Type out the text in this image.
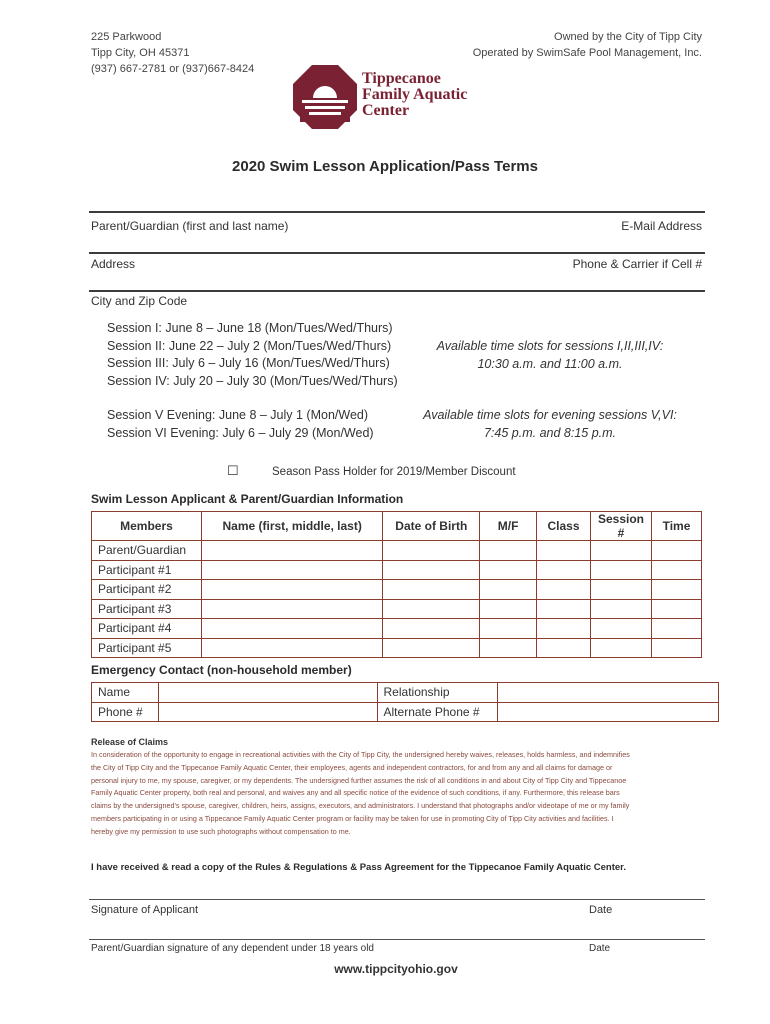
225 Parkwood
Tipp City, OH 45371
(937) 667-2781 or (937)667-8424
Owned by the City of Tipp City
Operated by SwimSafe Pool Management, Inc.
Tippecanoe
Family Aquatic
Center
2020 Swim Lesson Application/Pass Terms
Parent/Guardian (first and last name)	E-Mail Address
Address	Phone & Carrier if Cell #
City and Zip Code
Session I: June 8 – June 18 (Mon/Tues/Wed/Thurs)
Session II: June 22 – July 2 (Mon/Tues/Wed/Thurs)
Session III: July 6 – July 16 (Mon/Tues/Wed/Thurs)
Session IV: July 20 – July 30 (Mon/Tues/Wed/Thurs)
Available time slots for sessions I,II,III,IV:
10:30 a.m. and 11:00 a.m.
Session V Evening: June 8 – July 1 (Mon/Wed)
Session VI Evening: July 6 – July 29 (Mon/Wed)
Available time slots for evening sessions V,VI:
7:45 p.m. and 8:15 p.m.
☐	Season Pass Holder for 2019/Member Discount
Swim Lesson Applicant & Parent/Guardian Information
Members	Name (first, middle, last)	Date of Birth	M/F	Class	Session #	Time
Parent/Guardian						
Participant #1						
Participant #2						
Participant #3						
Participant #4						
Participant #5						
Emergency Contact (non-household member)
Name		Relationship	
Phone #		Alternate Phone #	
Release of Claims
In consideration of the opportunity to engage in recreational activities with the City of Tipp City, the undersigned hereby waives, releases, holds harmless, and indemnifies
the City of Tipp City and the Tippecanoe Family Aquatic Center, their employees, agents and independent contractors, for and from any and all claims for damage or
personal injury to me, my spouse, caregiver, or my dependents. The undersigned further assumes the risk of all conditions in and about City of Tipp City and Tippecanoe
Family Aquatic Center property, both real and personal, and waives any and all specific notice of the evidence of such conditions, if any. Furthermore, this release bars
claims by the undersigned's spouse, caregiver, children, heirs, assigns, executors, and administrators. I understand that photographs and/or videotape of me or my family
members participating in or using a Tippecanoe Family Aquatic Center program or facility may be taken for use in promoting City of Tipp City activities and facilities. I
hereby give my permission to use such photographs without compensation to me.
I have received & read a copy of the Rules & Regulations & Pass Agreement for the Tippecanoe Family Aquatic Center.
Signature of Applicant	Date
Parent/Guardian signature of any dependent under 18 years old	Date
www.tippcityohio.gov
